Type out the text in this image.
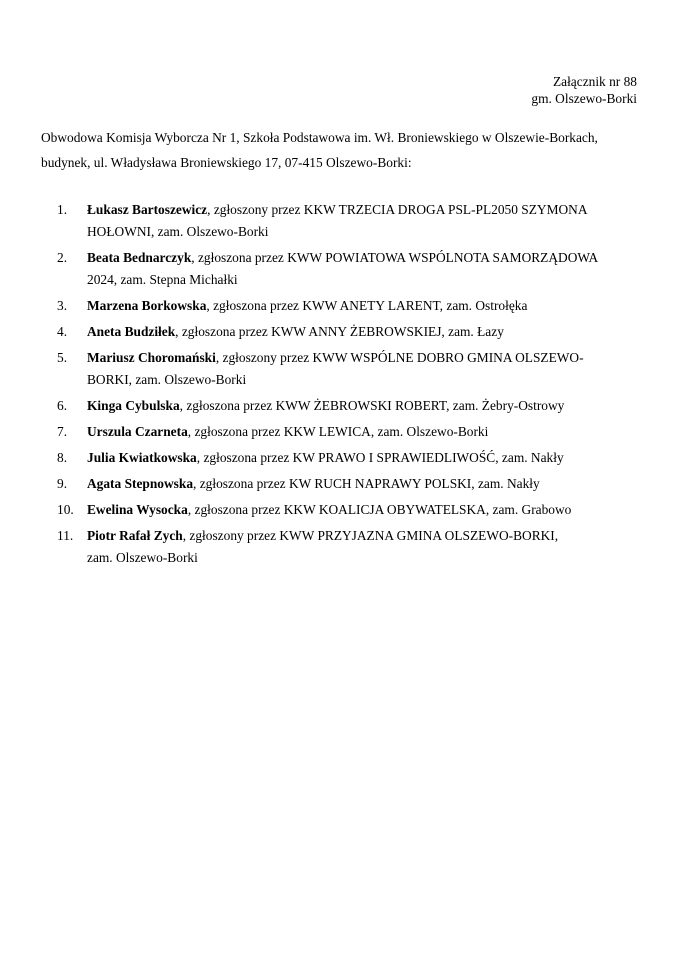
Załącznik nr 88
gm. Olszewo-Borki
Obwodowa Komisja Wyborcza Nr 1, Szkoła Podstawowa im. Wł. Broniewskiego w Olszewie-Borkach,
budynek, ul. Władysława Broniewskiego 17, 07-415 Olszewo-Borki:
1.	Łukasz Bartoszewicz, zgłoszony przez KKW TRZECIA DROGA PSL-PL2050 SZYMONA
HOŁOWNI, zam. Olszewo-Borki
2.	Beata Bednarczyk, zgłoszona przez KWW POWIATOWA WSPÓLNOTA SAMORZĄDOWA
2024, zam. Stepna Michałki
3.	Marzena Borkowska, zgłoszona przez KWW ANETY LARENT, zam. Ostrołęka
4.	Aneta Budziłek, zgłoszona przez KWW ANNY ŻEBROWSKIEJ, zam. Łazy
5.	Mariusz Choromański, zgłoszony przez KWW WSPÓLNE DOBRO GMINA OLSZEWO-
BORKI, zam. Olszewo-Borki
6.	Kinga Cybulska, zgłoszona przez KWW ŻEBROWSKI ROBERT, zam. Żebry-Ostrowy
7.	Urszula Czarneta, zgłoszona przez KKW LEWICA, zam. Olszewo-Borki
8.	Julia Kwiatkowska, zgłoszona przez KW PRAWO I SPRAWIEDLIWOŚĆ, zam. Nakły
9.	Agata Stepnowska, zgłoszona przez KW RUCH NAPRAWY POLSKI, zam. Nakły
10. Ewelina Wysocka, zgłoszona przez KKW KOALICJA OBYWATELSKA, zam. Grabowo
11.	Piotr Rafał Zych, zgłoszony przez KWW PRZYJAZNA GMINA OLSZEWO-BORKI,
zam. Olszewo-Borki
